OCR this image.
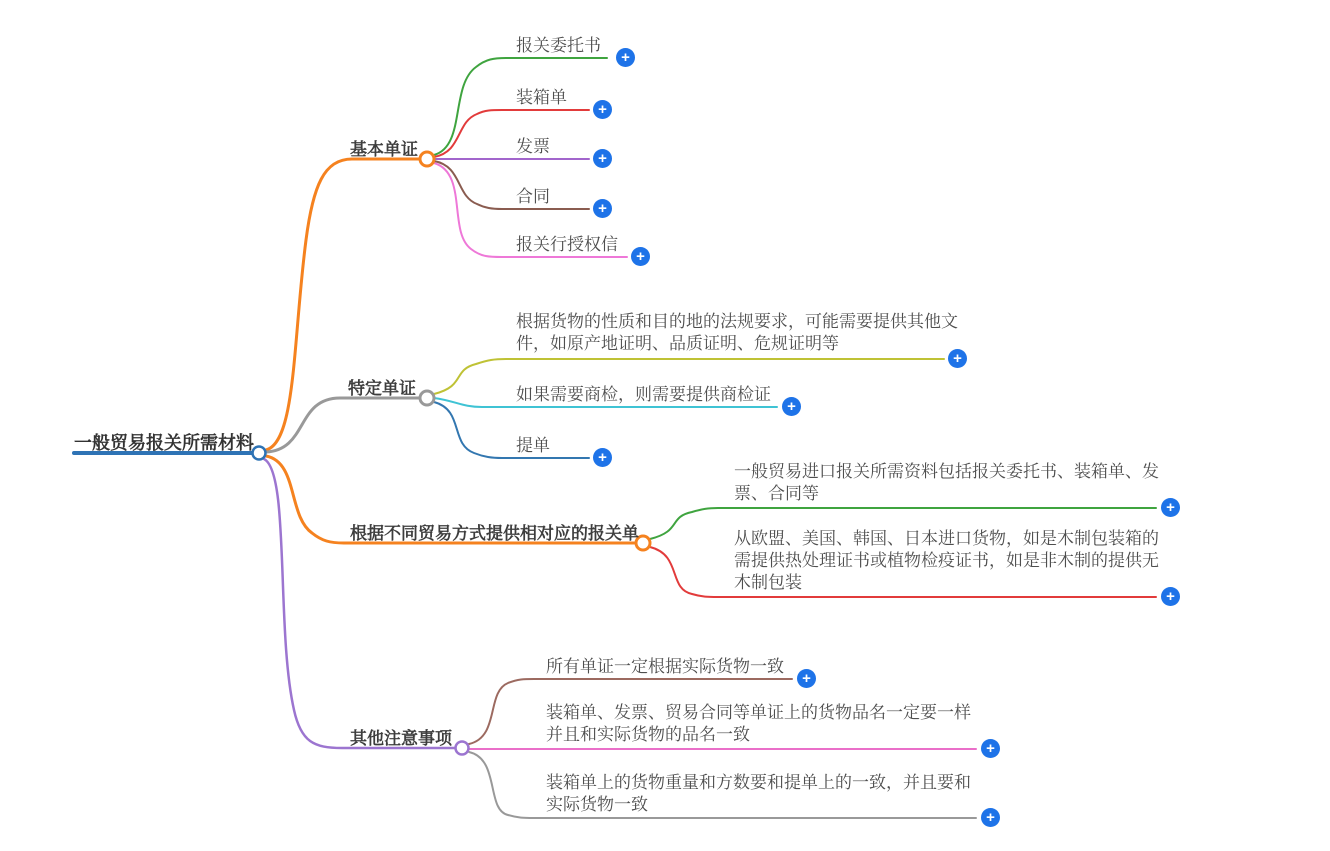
一般贸易报关所需材料
基本单证
特定单证
根据不同贸易方式提供相对应的报关单
其他注意事项
报关委托书
装箱单
发票
合同
报关行授权信
根据货物的性质和目的地的法规要求，可能需要提供其他文件，如原产地证明、品质证明、危规证明等
如果需要商检，则需要提供商检证
提单
一般贸易进口报关所需资料包括报关委托书、装箱单、发票、合同等
从欧盟、美国、韩国、日本进口货物，如是木制包装箱的需提供热处理证书或植物检疫证书，如是非木制的提供无木制包装
所有单证一定根据实际货物一致
装箱单、发票、贸易合同等单证上的货物品名一定要一样并且和实际货物的品名一致
装箱单上的货物重量和方数要和提单上的一致，并且要和实际货物一致
+
+
+
+
+
+
+
+
+
+
+
+
+
